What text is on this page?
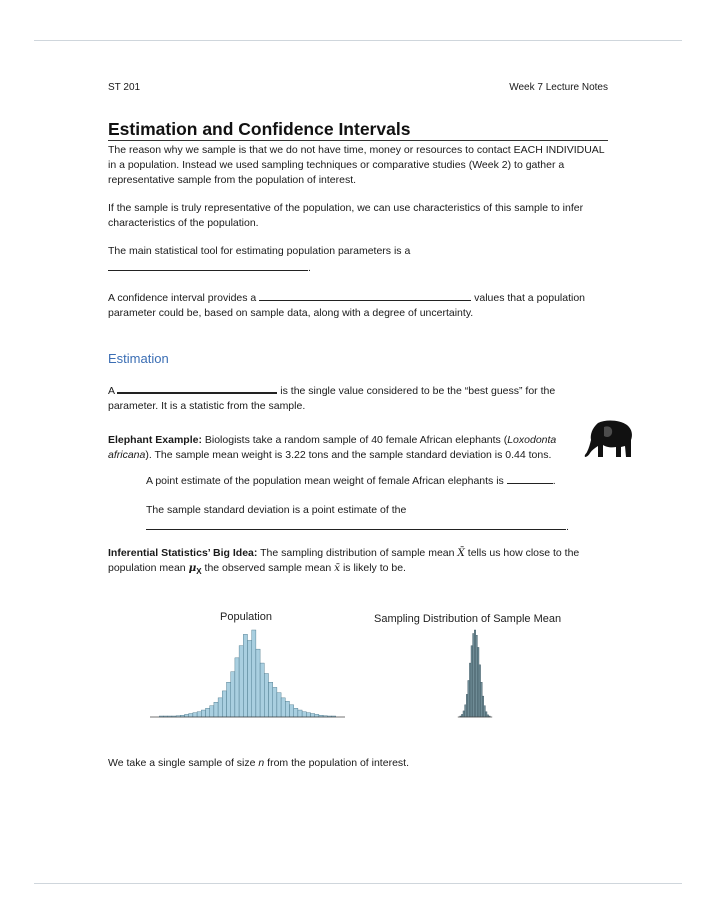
ST 201	Week 7 Lecture Notes
Estimation and Confidence Intervals

The reason why we sample is that we do not have time, money or resources to contact EACH INDIVIDUAL in a population. Instead we used sampling techniques or comparative studies (Week 2) to gather a representative sample from the population of interest.

If the sample is truly representative of the population, we can use characteristics of this sample to infer characteristics of the population.

The main statistical tool for estimating population parameters is a
.

A confidence interval provides a	values that a population parameter could be, based on sample data, along with a degree of uncertainty.

Estimation

A	is the single value considered to be the “best guess” for the parameter. It is a statistic from the sample.

Elephant Example: Biologists take a random sample of 40 female African elephants (Loxodonta africana). The sample mean weight is 3.22 tons and the sample standard deviation is 0.44 tons.

A point estimate of the population mean weight of female African elephants is	.

The sample standard deviation is a point estimate of the
.

Inferential Statistics’ Big Idea: The sampling distribution of sample mean X̄ tells us how close to the population mean $\mu_X$ the observed sample mean x̄ is likely to be.

Population	Sampling Distribution of Sample Mean

We take a single sample of size n from the population of interest.
